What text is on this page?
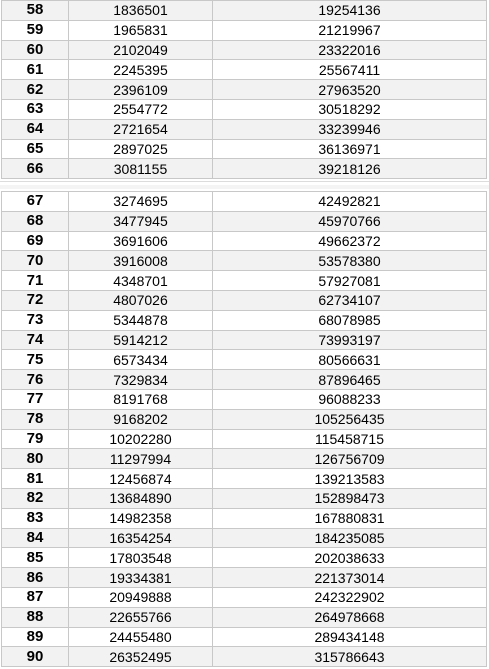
58	1836501	19254136
59	1965831	21219967
60	2102049	23322016
61	2245395	25567411
62	2396109	27963520
63	2554772	30518292
64	2721654	33239946
65	2897025	36136971
66	3081155	39218126
67	3274695	42492821
68	3477945	45970766
69	3691606	49662372
70	3916008	53578380
71	4348701	57927081
72	4807026	62734107
73	5344878	68078985
74	5914212	73993197
75	6573434	80566631
76	7329834	87896465
77	8191768	96088233
78	9168202	105256435
79	10202280	115458715
80	11297994	126756709
81	12456874	139213583
82	13684890	152898473
83	14982358	167880831
84	16354254	184235085
85	17803548	202038633
86	19334381	221373014
87	20949888	242322902
88	22655766	264978668
89	24455480	289434148
90	26352495	315786643
